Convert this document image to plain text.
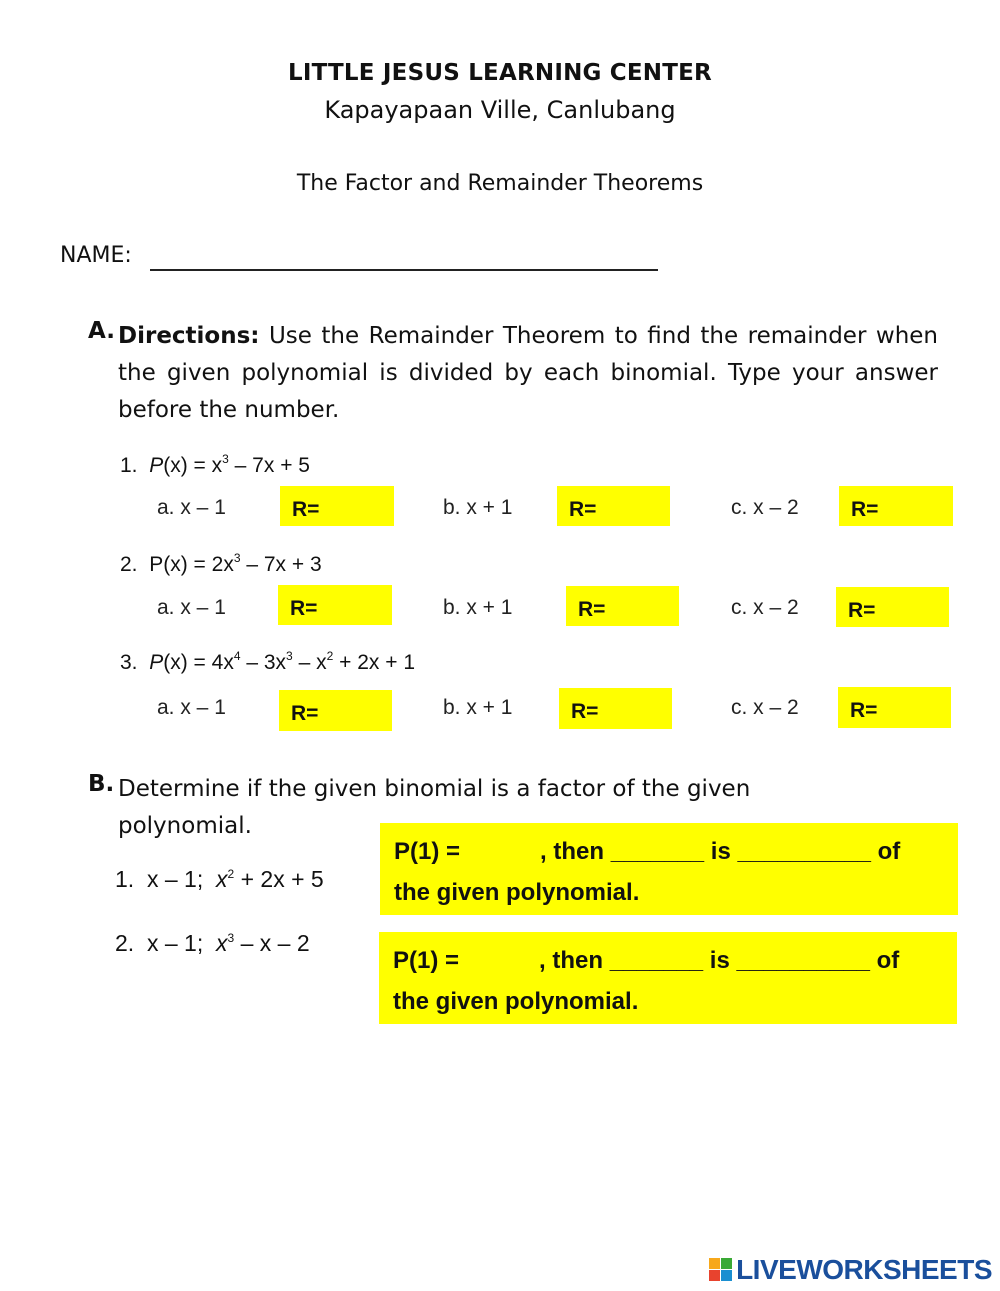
LITTLE JESUS LEARNING CENTER
Kapayapaan Ville, Canlubang
The Factor and Remainder Theorems
NAME:
A. Directions: Use the Remainder Theorem to find the remainder when the given polynomial is divided by each binomial. Type your answer before the number.
1. $P(x) = x^3 - 7x + 5$
a. x – 1	R=	b. x + 1	R=	c. x – 2	R=
2. $P(x) = 2x^3 - 7x + 3$
a. x – 1	R=	b. x + 1	R=	c. x – 2	R=
3. $P(x) = 4x^4 - 3x^3 - x^2 + 2x + 1$
a. x – 1	R=	b. x + 1	R=	c. x – 2	R=
B. Determine if the given binomial is a factor of the given polynomial.
1. x – 1; $x^2 + 2x + 5$
P(1) =            , then _______ is __________ of
the given polynomial.
2. x – 1; $x^3$ – x – 2
P(1) =            , then _______ is __________ of
the given polynomial.
LIVEWORKSHEETS
